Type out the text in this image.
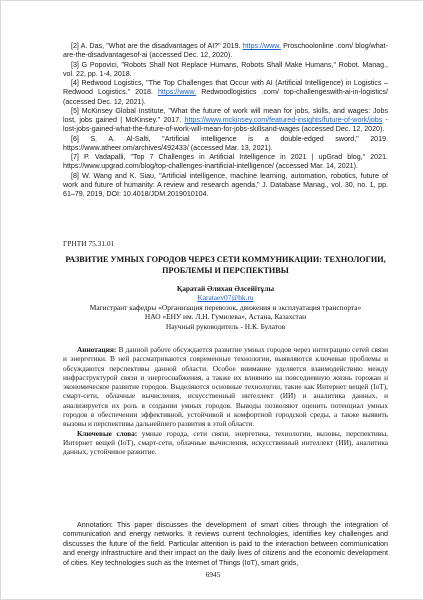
[2] A. Das, "What are the disadvantages of AI?" 2019. https://www. Proschoolonline .com/ blog/what-are-the-disadvantagesof-ai (accessed Dec. 12, 2020).

[3] G Popovici, "Robots Shall Not Replace Humans, Robots Shall Make Humans," Robot. Manag., vol. 22, pp. 1-4, 2018.

[4] Redwood Logistics, "The Top Challenges that Occur with AI (Artificial Intelligence) in Logistics – Redwood Logistics." 2018. https://www. Redwoodlogistics .com/ top-challengeswith-ai-in-logistics/ (accessed Dec. 12, 2021).

[5] McKinsey Global Institute, "What the future of work will mean for jobs, skills, and wages: Jobs lost, jobs gained | McKinsey." 2017. https://www.mckinsey.com/featured-insights/future-of-work/jobs -lost-jobs-gained-what-the-future-of-work-will-mean-for-jobs-skillsand-wages (accessed Dec. 12, 2020).

[6] S. A. Al-Salti, "Artificial intelligence is a double-edged sword," 2019. https://www.atheer.om/archives/492433/ (accessed Mar. 13, 2021).

[7] P. Vadapalli, "Top 7 Challenges in Artificial Intelligence in 2021 | upGrad blog," 2021. https://www.upgrad.com/blog/top-challenges-inartificial-intelligence/ (accessed Mar. 14, 2021).

[8] W. Wang and K. Siau, "Artificial intelligence, machine learning, automation, robotics, future of work and future of humanity: A review and research agenda," J. Database Manag., vol. 30, no. 1, pp. 61–79, 2019, DOI: 10.4018/JDM.2019010104.

ГРНТИ 75.31.01
РАЗВИТИЕ УМНЫХ ГОРОДОВ ЧЕРЕЗ СЕТИ КОММУНИКАЦИИ: ТЕХНОЛОГИИ, ПРОБЛЕМЫ И ПЕРСПЕКТИВЫ
Қаратай Әлихан Әлсейітұлы
Karataev07@bk.ru
Магистрант кафедры «Организация перевозок, движения и эксплуатация транспорта»
НАО «ЕНУ им. Л.Н. Гумилева», Астана, Казахстан
Научный руководитель - Н.К. Булатов

Аннотация: В данной работе обсуждается развитие умных городов через интеграцию сетей связи и энергетики. В ней рассматриваются современные технологии, выявляются ключевые проблемы и обсуждаются перспективы данной области. Особое внимание уделяется взаимодействию между инфраструктурой связи и энергоснабжения, а также их влиянию на повседневную жизнь горожан и экономическое развитие городов. Выделяются основные технологии, такие как Интернет вещей (IoT), смарт-сети, облачные вычисления, искусственный интеллект (ИИ) и аналитика данных, и анализируется их роль в создании умных городов. Выводы позволяют оценить потенциал умных городов в обеспечении эффективной, устойчивой и комфортной городской среды, а также выявить вызовы и перспективы дальнейшего развития в этой области.

Ключевые слова: умные города, сети связи, энергетика, технологии, вызовы, перспективы, Интернет вещей (IoT), смарт-сети, облачные вычисления, искусственный интеллект (ИИ), аналитика данных, устойчивое развитие.

Annotation: This paper discusses the development of smart cities through the integration of communication and energy networks. It reviews current technologies, identifies key challenges and discusses the future of the field. Particular attention is paid to the interaction between communication and energy infrastructure and their impact on the daily lives of citizens and the economic development of cities. Key technologies such as the Internet of Things (IoT), smart grids,

6945
